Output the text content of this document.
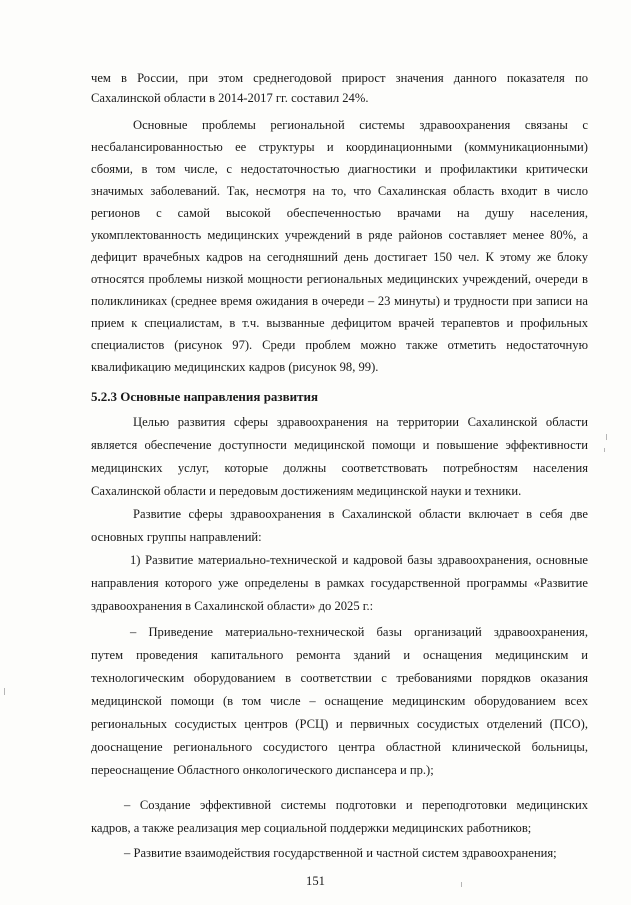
чем в России, при этом среднегодовой прирост значения данного показателя по
Сахалинской области в 2014-2017 гг. составил 24%.
Основные проблемы региональной системы здравоохранения связаны с
несбалансированностью ее структуры и координационными (коммуникационными)
сбоями, в том числе, с недостаточностью диагностики и профилактики критически
значимых заболеваний. Так, несмотря на то, что Сахалинская область входит в число
регионов с самой высокой обеспеченностью врачами на душу населения,
укомплектованность медицинских учреждений в ряде районов составляет менее 80%, а
дефицит врачебных кадров на сегодняшний день достигает 150 чел. К этому же блоку
относятся проблемы низкой мощности региональных медицинских учреждений, очереди в
поликлиниках (среднее время ожидания в очереди – 23 минуты) и трудности при записи на
прием к специалистам, в т.ч. вызванные дефицитом врачей терапевтов и профильных
специалистов (рисунок 97). Среди проблем можно также отметить недостаточную
квалификацию медицинских кадров (рисунок 98, 99).
5.2.3 Основные направления развития
Целью развития сферы здравоохранения на территории Сахалинской области
является обеспечение доступности медицинской помощи и повышение эффективности
медицинских услуг, которые должны соответствовать потребностям населения
Сахалинской области и передовым достижениям медицинской науки и техники.
Развитие сферы здравоохранения в Сахалинской области включает в себя две
основных группы направлений:
1) Развитие материально-технической и кадровой базы здравоохранения, основные
направления которого уже определены в рамках государственной программы «Развитие
здравоохранения в Сахалинской области» до 2025 г.:
– Приведение материально-технической базы организаций здравоохранения,
путем проведения капитального ремонта зданий и оснащения медицинским и
технологическим оборудованием в соответствии с требованиями порядков оказания
медицинской помощи (в том числе – оснащение медицинским оборудованием всех
региональных сосудистых центров (РСЦ) и первичных сосудистых отделений (ПСО),
дооснащение регионального сосудистого центра областной клинической больницы,
переоснащение Областного онкологического диспансера и пр.);
– Создание эффективной системы подготовки и переподготовки медицинских
кадров, а также реализация мер социальной поддержки медицинских работников;
– Развитие взаимодействия государственной и частной систем здравоохранения;
151
